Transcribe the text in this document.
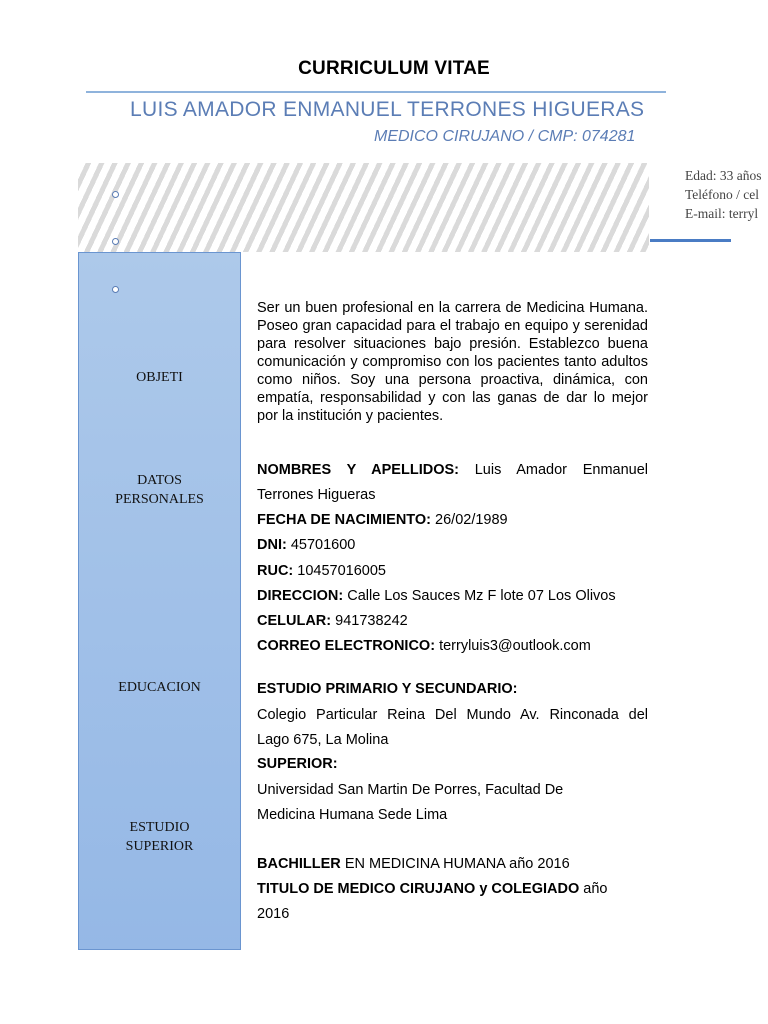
CURRICULUM VITAE
LUIS AMADOR ENMANUEL TERRONES HIGUERAS
MEDICO CIRUJANO / CMP: 074281
Edad: 33 años
Teléfono / cel
E-mail: terryl
OBJETI
DATOS
PERSONALES
EDUCACION
ESTUDIO
SUPERIOR
Ser un buen profesional en la carrera de Medicina Humana. Poseo gran capacidad para el trabajo en equipo y serenidad para resolver situaciones bajo presión. Establezco buena comunicación y compromiso con los pacientes tanto adultos como niños. Soy una persona proactiva, dinámica, con empatía, responsabilidad y con las ganas de dar lo mejor por la institución y pacientes.
NOMBRES Y APELLIDOS: Luis Amador Enmanuel
Terrones Higueras
FECHA DE NACIMIENTO: 26/02/1989
DNI: 45701600
RUC: 10457016005
DIRECCION: Calle Los Sauces Mz F lote 07 Los Olivos
CELULAR: 941738242
CORREO ELECTRONICO: terryluis3@outlook.com
ESTUDIO PRIMARIO Y SECUNDARIO:
Colegio Particular Reina Del Mundo Av. Rinconada del
Lago 675, La Molina
SUPERIOR:
Universidad San Martin De Porres, Facultad De
Medicina Humana Sede Lima
BACHILLER EN MEDICINA HUMANA año 2016
TITULO DE MEDICO CIRUJANO y COLEGIADO año
2016
